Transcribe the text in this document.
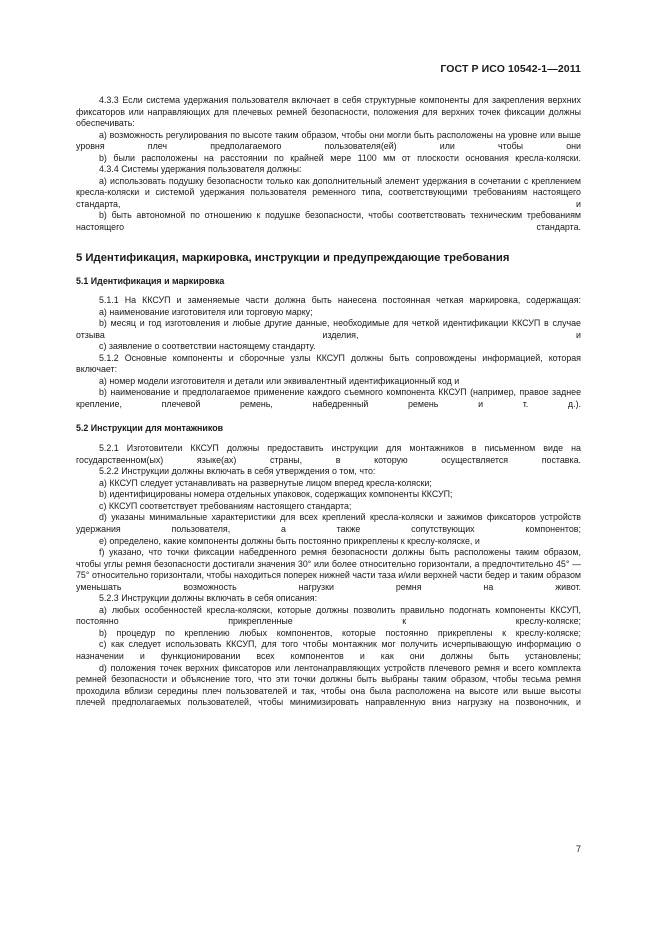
ГОСТ Р ИСО 10542-1—2011

4.3.3 Если система удержания пользователя включает в себя структурные компоненты для закрепления верхних фиксаторов или направляющих для плечевых ремней безопасности, положения для верхних точек фиксации должны обеспечивать:

a) возможность регулирования по высоте таким образом, чтобы они могли быть расположены на уровне или выше уровня плеч предполагаемого пользователя(ей) или чтобы они

b) были расположены на расстоянии по крайней мере 1100 мм от плоскости основания кресла-коляски.

4.3.4 Системы удержания пользователя должны:

a) использовать подушку безопасности только как дополнительный элемент удержания в сочетании с креплением кресла-коляски и системой удержания пользователя ременного типа, соответствующими требованиям настоящего стандарта, и

b) быть автономной по отношению к подушке безопасности, чтобы соответствовать техническим требованиям настоящего стандарта.

5 Идентификация, маркировка, инструкции и предупреждающие требования
5.1 Идентификация и маркировка

5.1.1 На ККСУП и заменяемые части должна быть нанесена постоянная четкая маркировка, содержащая:

a) наименование изготовителя или торговую марку;

b) месяц и год изготовления и любые другие данные, необходимые для четкой идентификации ККСУП в случае отзыва изделия, и

c) заявление о соответствии настоящему стандарту.

5.1.2 Основные компоненты и сборочные узлы ККСУП должны быть сопровождены информацией, которая включает:

a) номер модели изготовителя и детали или эквивалентный идентификационный код и

b) наименование и предполагаемое применение каждого съемного компонента ККСУП (например, правое заднее крепление, плечевой ремень, набедренный ремень и т. д.).

5.2 Инструкции для монтажников

5.2.1 Изготовители ККСУП должны предоставить инструкции для монтажников в письменном виде на государственном(ых) языке(ах) страны, в которую осуществляется поставка.

5.2.2 Инструкции должны включать в себя утверждения о том, что:

a) ККСУП следует устанавливать на развернутые лицом вперед кресла-коляски;

b) идентифицированы номера отдельных упаковок, содержащих компоненты ККСУП;

c) ККСУП соответствует требованиям настоящего стандарта;

d) указаны минимальные характеристики для всех креплений кресла-коляски и зажимов фиксаторов устройств удержания пользователя, а также сопутствующих компонентов;

e) определено, какие компоненты должны быть постоянно прикреплены к креслу-коляске, и

f) указано, что точки фиксации набедренного ремня безопасности должны быть расположены таким образом, чтобы углы ремня безопасности достигали значения 30° или более относительно горизонтали, а предпочтительно 45° — 75° относительно горизонтали, чтобы находиться поперек нижней части таза и/или верхней части бедер и таким образом уменьшать возможность нагрузки ремня на живот.

5.2.3 Инструкции должны включать в себя описания:

a) любых особенностей кресла-коляски, которые должны позволить правильно подогнать компоненты ККСУП, постоянно прикрепленные к креслу-коляске;

b) процедур по креплению любых компонентов, которые постоянно прикреплены к креслу-коляске;

c) как следует использовать ККСУП, для того чтобы монтажник мог получить исчерпывающую информацию о назначении и функционировании всех компонентов и как они должны быть установлены;

d) положения точек верхних фиксаторов или лентонаправляющих устройств плечевого ремня и всего комплекта ремней безопасности и объяснение того, что эти точки должны быть выбраны таким образом, чтобы тесьма ремня проходила вблизи середины плеч пользователей и так, чтобы она была расположена на высоте или выше высоты плечей предполагаемых пользователей, чтобы минимизировать направленную вниз нагрузку на позвоночник, и

7
